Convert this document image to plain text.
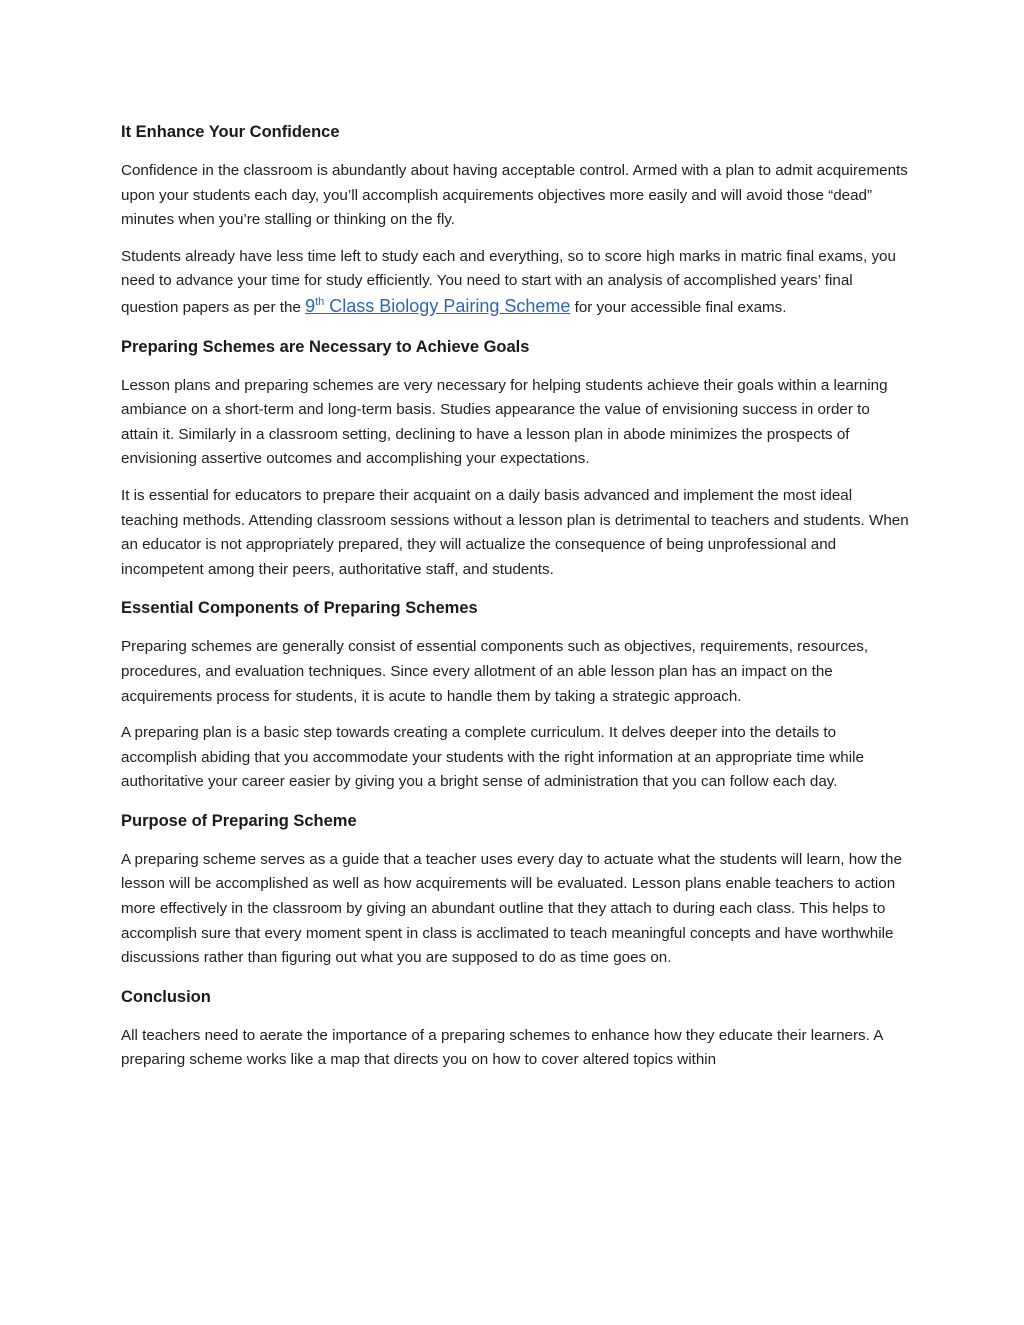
It Enhance Your Confidence

Confidence in the classroom is abundantly about having acceptable control. Armed with a plan to admit acquirements upon your students each day, you’ll accomplish acquirements objectives more easily and will avoid those “dead” minutes when you’re stalling or thinking on the fly.

Students already have less time left to study each and everything, so to score high marks in matric final exams, you need to advance your time for study efficiently. You need to start with an analysis of accomplished years’ final question papers as per the 9th Class Biology Pairing Scheme for your accessible final exams.

Preparing Schemes are Necessary to Achieve Goals

Lesson plans and preparing schemes are very necessary for helping students achieve their goals within a learning ambiance on a short-term and long-term basis. Studies appearance the value of envisioning success in order to attain it. Similarly in a classroom setting, declining to have a lesson plan in abode minimizes the prospects of envisioning assertive outcomes and accomplishing your expectations.

It is essential for educators to prepare their acquaint on a daily basis advanced and implement the most ideal teaching methods. Attending classroom sessions without a lesson plan is detrimental to teachers and students. When an educator is not appropriately prepared, they will actualize the consequence of being unprofessional and incompetent among their peers, authoritative staff, and students.

Essential Components of Preparing Schemes

Preparing schemes are generally consist of essential components such as objectives, requirements, resources, procedures, and evaluation techniques. Since every allotment of an able lesson plan has an impact on the acquirements process for students, it is acute to handle them by taking a strategic approach.

A preparing plan is a basic step towards creating a complete curriculum. It delves deeper into the details to accomplish abiding that you accommodate your students with the right information at an appropriate time while authoritative your career easier by giving you a bright sense of administration that you can follow each day.

Purpose of Preparing Scheme

A preparing scheme serves as a guide that a teacher uses every day to actuate what the students will learn, how the lesson will be accomplished as well as how acquirements will be evaluated. Lesson plans enable teachers to action more effectively in the classroom by giving an abundant outline that they attach to during each class. This helps to accomplish sure that every moment spent in class is acclimated to teach meaningful concepts and have worthwhile discussions rather than figuring out what you are supposed to do as time goes on.

Conclusion

All teachers need to aerate the importance of a preparing schemes to enhance how they educate their learners. A preparing scheme works like a map that directs you on how to cover altered topics within
